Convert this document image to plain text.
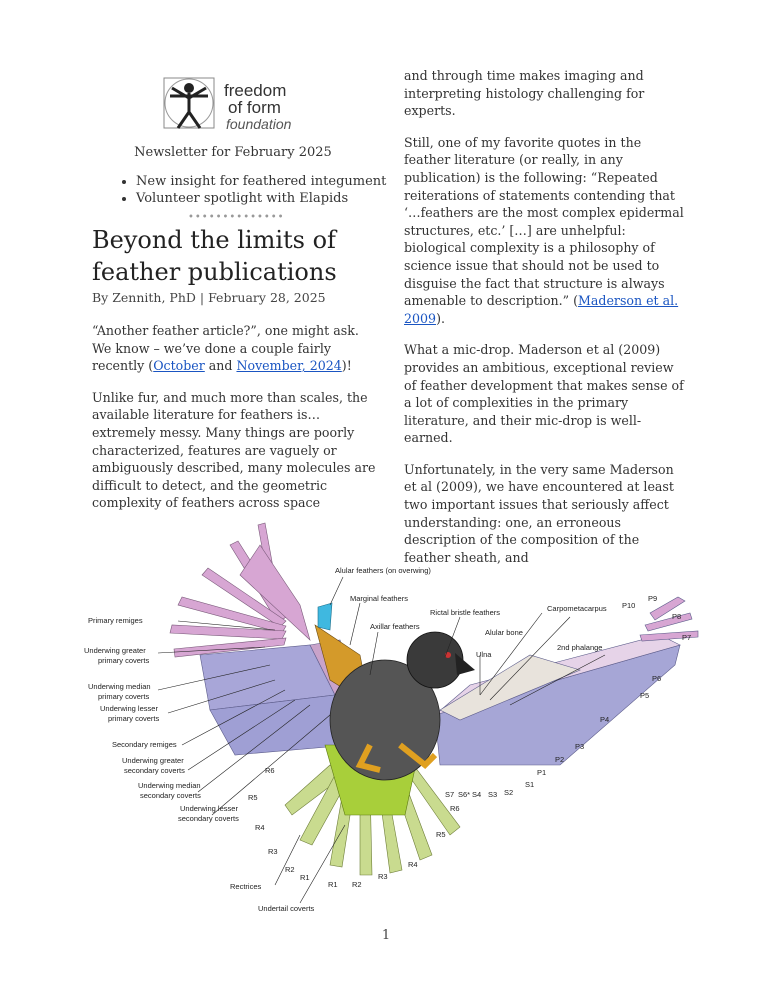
freedom
of form
foundation
Newsletter for February 2025
• New insight for feathered integument
• Volunteer spotlight with Elapids
••••••••••••••
Beyond the limits of
feather publications
By Zennith, PhD | February 28, 2025

“Another feather article?”, one might ask. We know – we’ve done a couple fairly recently (October and November, 2024)!

Unlike fur, and much more than scales, the available literature for feathers is…extremely messy. Many things are poorly characterized, features are vaguely or ambiguously described, many molecules are difficult to detect, and the geometric complexity of feathers across space

and through time makes imaging and interpreting histology challenging for experts.

Still, one of my favorite quotes in the feather literature (or really, in any publication) is the following: “Repeated reiterations of statements contending that ‘…feathers are the most complex epidermal structures, etc.’ […] are unhelpful: biological complexity is a philosophy of science issue that should not be used to disguise the fact that structure is always amenable to description.” (Maderson et al. 2009).

What a mic-drop. Maderson et al (2009) provides an ambitious, exceptional review of feather development that makes sense of a lot of complexities in the primary literature, and their mic-drop is well-earned.

Unfortunately, in the very same Maderson et al (2009), we have encountered at least two important issues that seriously affect understanding: one, an erroneous description of the composition of the feather sheath, and

Alular feathers (on overwing)
Marginal feathers
Rictal bristle feathers	Carpometacarpus
Axillar feathers
Alular bone
2nd phalange
Ulna
Primary remiges
Underwing greater
primary coverts
Underwing median
primary coverts
Underwing lesser
primary coverts
Secondary remiges
Underwing greater
secondary coverts
Underwing median
secondary coverts
Underwing lesser
secondary coverts
Rectrices
Undertail coverts
P10
P9
P8
P7
P6
P5
P4
P3
P2
P1
S1
S2
S3
S4
S6*
S7
R6
R5
R4
R3
R2
R1
R6
R5
R4
R3
R2
R1
1
